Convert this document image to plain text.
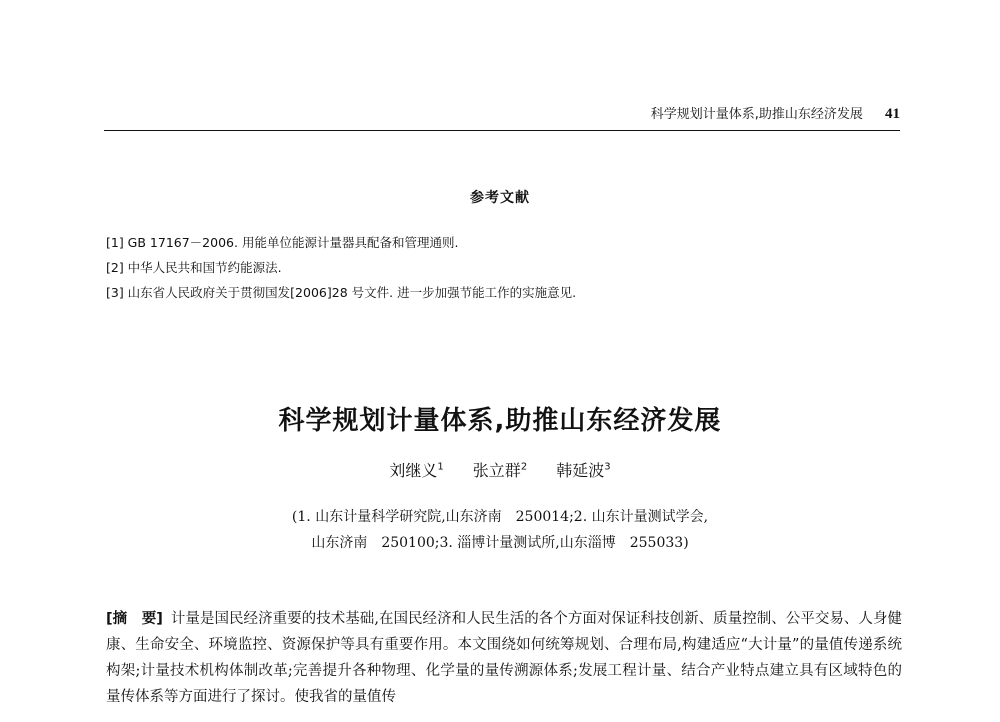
科学规划计量体系,助推山东经济发展 41
参考文献
[1] GB 17167－2006. 用能单位能源计量器具配备和管理通则.
[2] 中华人民共和国节约能源法.
[3] 山东省人民政府关于贯彻国发[2006]28 号文件. 进一步加强节能工作的实施意见.
科学规划计量体系,助推山东经济发展
刘继义$^1$ 张立群$^2$ 韩延波$^3$
(1. 山东计量科学研究院,山东济南　250014;2. 山东计量测试学会,
山东济南　250100;3. 淄博计量测试所,山东淄博　255033)
[摘　要] 计量是国民经济重要的技术基础,在国民经济和人民生活的各个方面对保证科技创新、质量控制、公平交易、人身健康、生命安全、环境监控、资源保护等具有重要作用。本文围绕如何统筹规划、合理布局,构建适应“大计量”的量值传递系统构架;计量技术机构体制改革;完善提升各种物理、化学量的量传溯源体系;发展工程计量、结合产业特点建立具有区域特色的量传体系等方面进行了探讨。使我省的量值传
